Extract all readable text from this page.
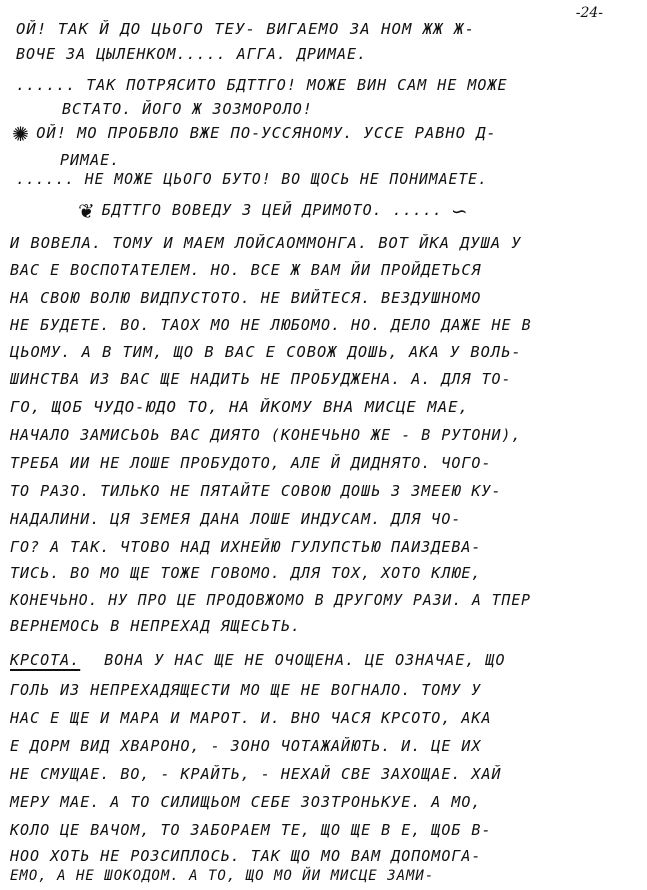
-24-
ОЙ! ТАК Й ДО ЦЬОГО ТЕУ- ВИГАЕМО ЗА НОМ ЖЖ Ж-
ВОЧЕ ЗА ЦЫЛЕНКОМ..... АГГА. ДРИМАЕ.
...... ТАК ПОТРЯСИТО БДТТГО! МОЖЕ ВИН САМ НЕ МОЖЕ
ВСТАТО. ЙОГО Ж ЗОЗМОРОЛО!
✺ ОЙ! МО ПРОБВЛО ВЖЕ ПО-УССЯНОМУ. УССЕ РАВНО Д-
РИМАЕ.
...... НЕ МОЖЕ ЦЬОГО БУТО! ВО ЩОСЬ НЕ ПОНИМАЕТЕ.
❦ БДТТГО ВОВЕДУ З ЦЕЙ ДРИМОТО. ..... ∽
И ВОВЕЛА. ТОМУ И МАЕМ ЛОЙСАОММОНГА. ВОТ ЙКА ДУША У
ВАС Е ВОСПОТАТЕЛЕМ. НО. ВСЕ Ж ВАМ ЙИ ПРОЙДЕТЬСЯ
НА СВОЮ ВОЛЮ ВИДПУСТОТО. НЕ ВИЙТЕСЯ. ВЕЗДУШНОМО
НЕ БУДЕТЕ. ВО. ТАОХ МО НЕ ЛЮБОМО. НО. ДЕЛО ДАЖЕ НЕ В
ЦЬОМУ. А В ТИМ, ЩО В ВАС Е СОВОЖ ДОШЬ, АКА У ВОЛЬ-
ШИНСТВА ИЗ ВАС ЩЕ НАДИТЬ НЕ ПРОБУДЖЕНА. А. ДЛЯ ТО-
ГО, ЩОБ ЧУДО-ЮДО ТО, НА ЙКОМУ ВНА МИСЦЕ МАЕ,
НАЧАЛО ЗАМИСЬОЬ ВАС ДИЯТО (КОНЕЧЬНО ЖЕ - В РУТОНИ),
ТРЕБА ИИ НЕ ЛОШЕ ПРОБУДОТО, АЛЕ Й ДИДНЯТО. ЧОГО-
ТО РАЗО. ТИЛЬКО НЕ ПЯТАЙТЕ СОВОЮ ДОШЬ З ЗМЕЕЮ КУ-
НАДАЛИНИ. ЦЯ ЗЕМЕЯ ДАНА ЛОШЕ ИНДУСАМ. ДЛЯ ЧО-
ГО? А ТАК. ЧТОВО НАД ИХНЕЙЮ ГУЛУПСТЬЮ ПАИЗДЕВА-
ТИСЬ. ВО МО ЩЕ ТОЖЕ ГОВОМО. ДЛЯ ТОХ, ХОТО КЛЮЕ,
КОНЕЧЬНО. НУ ПРО ЦЕ ПРОДОВЖОМО В ДРУГОМУ РАЗИ. А ТПЕР
ВЕРНЕМОСЬ В НЕПРЕХАД ЯЩЕСЬТЬ.
КРСОТА. ВОНА У НАС ЩЕ НЕ ОЧОЩЕНА. ЦЕ ОЗНАЧАЕ, ЩО
ГОЛЬ ИЗ НЕПРЕХАДЯЩЕСТИ МО ЩЕ НЕ ВОГНАЛО. ТОМУ У
НАС Е ЩЕ И МАРА И МАРОТ. И. ВНО ЧАСЯ КРСОТО, АКА
Е ДОРМ ВИД ХВАРОНО, - ЗОНО ЧОТАЖАЙЮТЬ. И. ЦЕ ИХ
НЕ СМУЩАЕ. ВО, - КРАЙТЬ, - НЕХАЙ СВЕ ЗАХОЩАЕ. ХАЙ
МЕРУ МАЕ. А ТО СИЛИЩЬОМ СЕБЕ ЗОЗТРОНЬКУЕ. А МО,
КОЛО ЦЕ ВАЧОМ, ТО ЗАБОРАЕМ ТЕ, ЩО ЩЕ В Е, ЩОБ В-
НОО ХОТЬ НЕ РОЗСИПЛОСЬ. ТАК ЩО МО ВАМ ДОПОМОГА-
ЕМО, А НЕ ШОКОДОМ. А ТО, ЩО МО ЙИ МИСЦЕ ЗАМИ-
